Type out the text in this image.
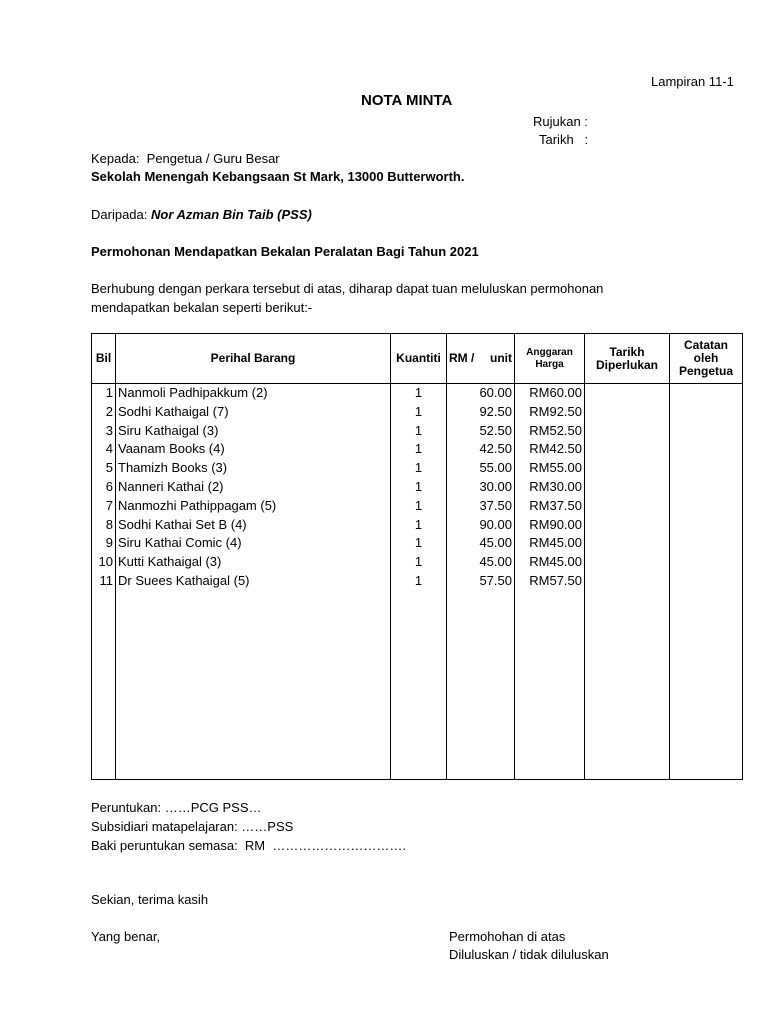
Lampiran 11-1
NOTA MINTA
Rujukan :
Tarikh   :
Kepada:  Pengetua / Guru Besar
Sekolah Menengah Kebangsaan St Mark, 13000 Butterworth.
Daripada: Nor Azman Bin Taib (PSS)
Permohonan Mendapatkan Bekalan Peralatan Bagi Tahun 2021
Berhubung dengan perkara tersebut di atas, diharap dapat tuan meluluskan permohonan
mendapatkan bekalan seperti berikut:-
Bil	Perihal Barang	Kuantiti	RM / unit	Anggaran Harga	Tarikh Diperlukan	Catatan oleh Pengetua
1	Nanmoli Padhipakkum (2)	1	60.00	RM60.00		
2	Sodhi Kathaigal (7)	1	92.50	RM92.50		
3	Siru Kathaigal (3)	1	52.50	RM52.50		
4	Vaanam Books (4)	1	42.50	RM42.50		
5	Thamizh Books (3)	1	55.00	RM55.00		
6	Nanneri Kathai (2)	1	30.00	RM30.00		
7	Nanmozhi Pathippagam (5)	1	37.50	RM37.50		
8	Sodhi Kathai Set B (4)	1	90.00	RM90.00		
9	Siru Kathai Comic (4)	1	45.00	RM45.00		
10	Kutti Kathaigal (3)	1	45.00	RM45.00		
11	Dr Suees Kathaigal (5)	1	57.50	RM57.50		

Peruntukan: ……PCG PSS…
Subsidiari matapelajaran: ……PSS
Baki peruntukan semasa:  RM  ………………………….
Sekian, terima kasih
Yang benar,	Permohohan di atas
Diluluskan / tidak diluluskan
